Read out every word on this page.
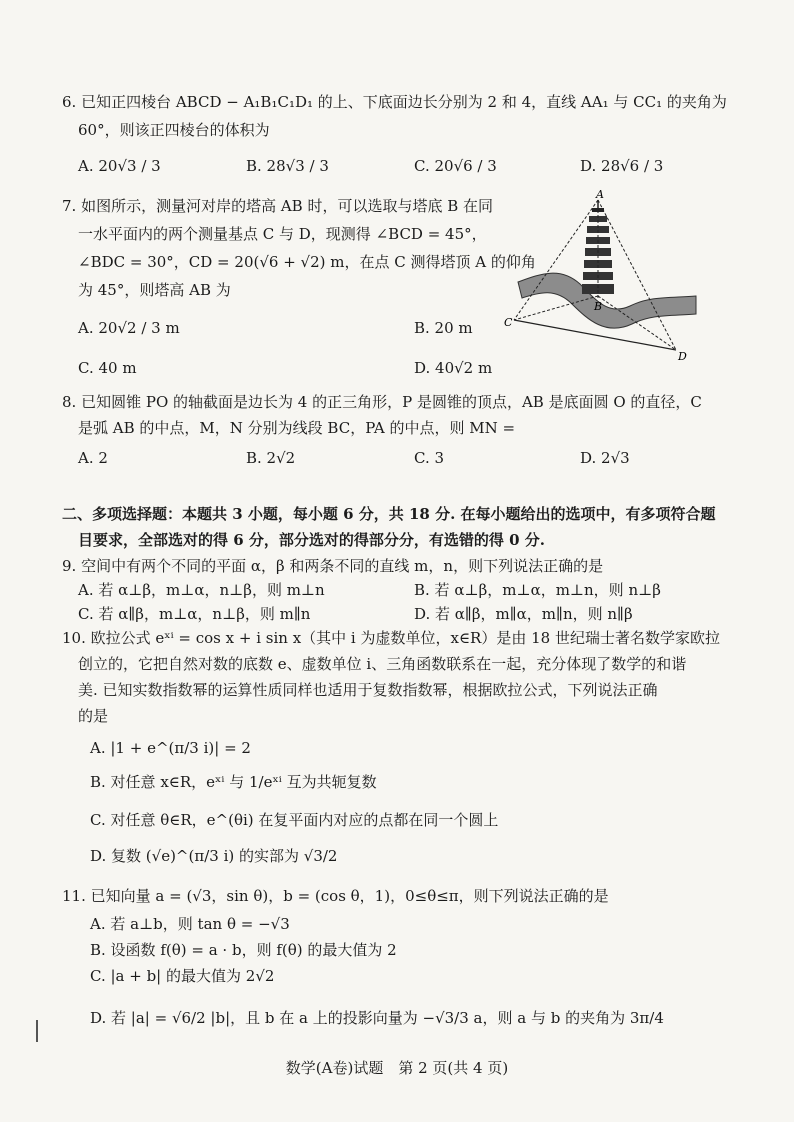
6. 已知正四棱台 ABCD − A₁B₁C₁D₁ 的上、下底面边长分别为 2 和 4，直线 AA₁ 与 CC₁ 的夹角为
60°，则该正四棱台的体积为
A. 20√3 / 3	B. 28√3 / 3	C. 20√6 / 3	D. 28√6 / 3
7. 如图所示，测量河对岸的塔高 AB 时，可以选取与塔底 B 在同
一水平面内的两个测量基点 C 与 D，现测得 ∠BCD = 45°，
∠BDC = 30°，CD = 20(√6 + √2) m，在点 C 测得塔顶 A 的仰角
为 45°，则塔高 AB 为
A. 20√2 / 3 m	B. 20 m
C. 40 m	D. 40√2 m
A
B
C
D
8. 已知圆锥 PO 的轴截面是边长为 4 的正三角形，P 是圆锥的顶点，AB 是底面圆 O 的直径，C
是弧 AB 的中点，M，N 分别为线段 BC，PA 的中点，则 MN =
A. 2	B. 2√2	C. 3	D. 2√3
二、多项选择题：本题共 3 小题，每小题 6 分，共 18 分. 在每小题给出的选项中，有多项符合题
目要求，全部选对的得 6 分，部分选对的得部分分，有选错的得 0 分.
9. 空间中有两个不同的平面 α，β 和两条不同的直线 m，n，则下列说法正确的是
A. 若 α⊥β，m⊥α，n⊥β，则 m⊥n	B. 若 α⊥β，m⊥α，m⊥n，则 n⊥β
C. 若 α∥β，m⊥α，n⊥β，则 m∥n	D. 若 α∥β，m∥α，m∥n，则 n∥β
10. 欧拉公式 eˣⁱ = cos x + i sin x（其中 i 为虚数单位，x∈R）是由 18 世纪瑞士著名数学家欧拉
创立的，它把自然对数的底数 e、虚数单位 i、三角函数联系在一起，充分体现了数学的和谐
美. 已知实数指数幂的运算性质同样也适用于复数指数幂，根据欧拉公式，下列说法正确
的是
A. |1 + e^(π/3 i)| = 2
B. 对任意 x∈R，eˣⁱ 与 1/eˣⁱ 互为共轭复数
C. 对任意 θ∈R，e^(θi) 在复平面内对应的点都在同一个圆上
D. 复数 (√e)^(π/3 i) 的实部为 √3/2
11. 已知向量 a = (√3，sin θ)，b = (cos θ，1)，0≤θ≤π，则下列说法正确的是
A. 若 a⊥b，则 tan θ = −√3
B. 设函数 f(θ) = a · b，则 f(θ) 的最大值为 2
C. |a + b| 的最大值为 2√2
D. 若 |a| = √6/2 |b|，且 b 在 a 上的投影向量为 −√3/3 a，则 a 与 b 的夹角为 3π/4
数学(A卷)试题　第 2 页(共 4 页)
